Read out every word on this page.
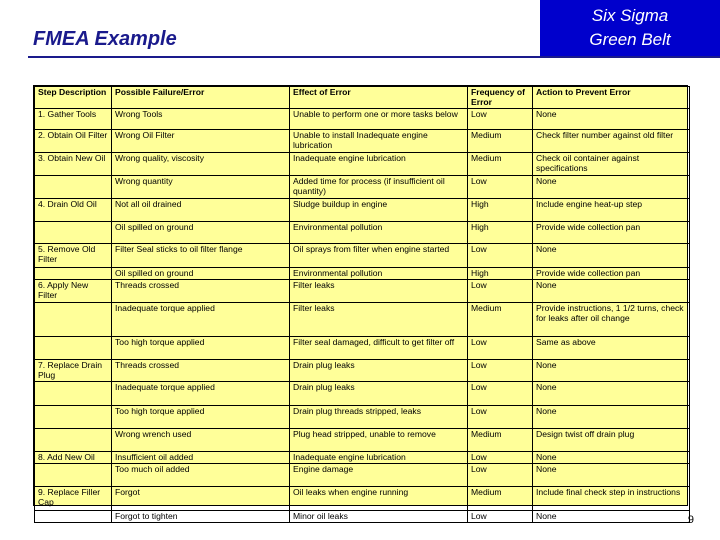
FMEA Example
Six Sigma
Green Belt
Step Description	Possible Failure/Error	Effect of Error	Frequency of Error	Action to Prevent Error
1. Gather Tools	Wrong Tools	Unable to perform one or more tasks below	Low	None
2. Obtain Oil Filter	Wrong Oil Filter	Unable to install Inadequate engine lubrication	Medium	Check filter number against old filter
3. Obtain New Oil	Wrong quality, viscosity	Inadequate engine lubrication	Medium	Check oil container against specifications
	Wrong quantity	Added time for process (if insufficient oil quantity)	Low	None
4. Drain Old Oil	Not all oil drained	Sludge buildup in engine	High	Include engine heat-up step
	Oil spilled on ground	Environmental pollution	High	Provide wide collection pan
5. Remove Old Filter	Filter Seal sticks to oil filter flange	Oil sprays from filter when engine started	Low	None
	Oil spilled on ground	Environmental pollution	High	Provide wide collection pan
6. Apply New Filter	Threads crossed	Filter leaks	Low	None
	Inadequate torque applied	Filter leaks	Medium	Provide instructions, 1 1/2 turns, check for leaks after oil change
	Too high torque applied	Filter seal damaged, difficult to get filter off	Low	Same as above
7. Replace Drain Plug	Threads crossed	Drain plug leaks	Low	None
	Inadequate torque applied	Drain plug leaks	Low	None
	Too high torque applied	Drain plug threads stripped, leaks	Low	None
	Wrong wrench used	Plug head stripped, unable to remove	Medium	Design twist off drain plug
8. Add New Oil	Insufficient oil added	Inadequate engine lubrication	Low	None
	Too much oil added	Engine damage	Low	None
9. Replace Filler Cap	Forgot	Oil leaks when engine running	Medium	Include final check step in instructions
	Forgot to tighten	Minor oil leaks	Low	None	9
